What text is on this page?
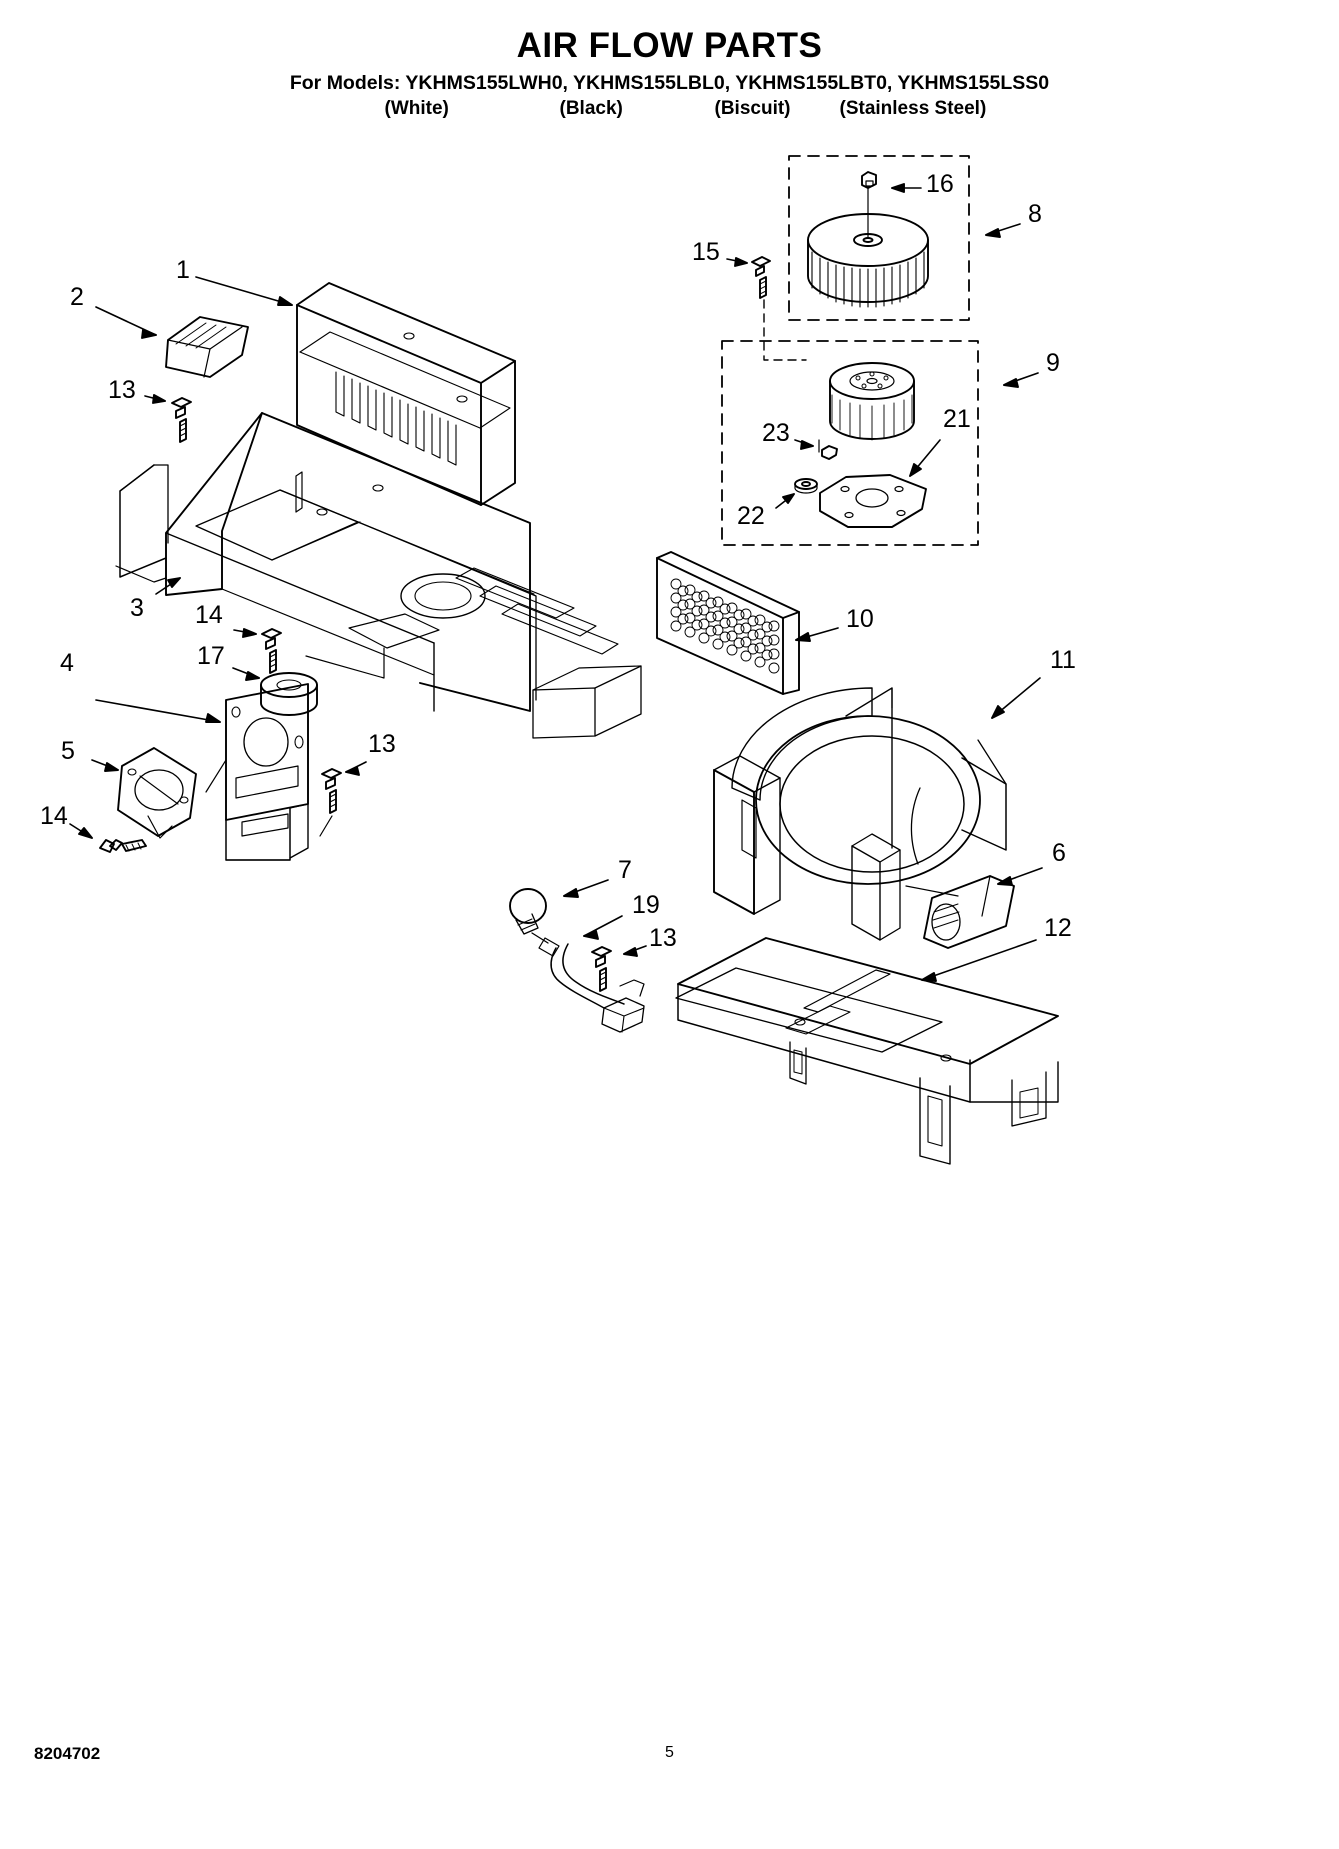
AIR FLOW PARTS
For Models: YKHMS155LWH0, YKHMS155LBL0, YKHMS155LBT0, YKHMS155LSS0
(White)	(Black)	(Biscuit)	(Stainless Steel)
1
2
13
3 14
17
4
5	13
14
7
19
13
15
16
8
9
23	21
22
10
11
6
12
8204702	5
